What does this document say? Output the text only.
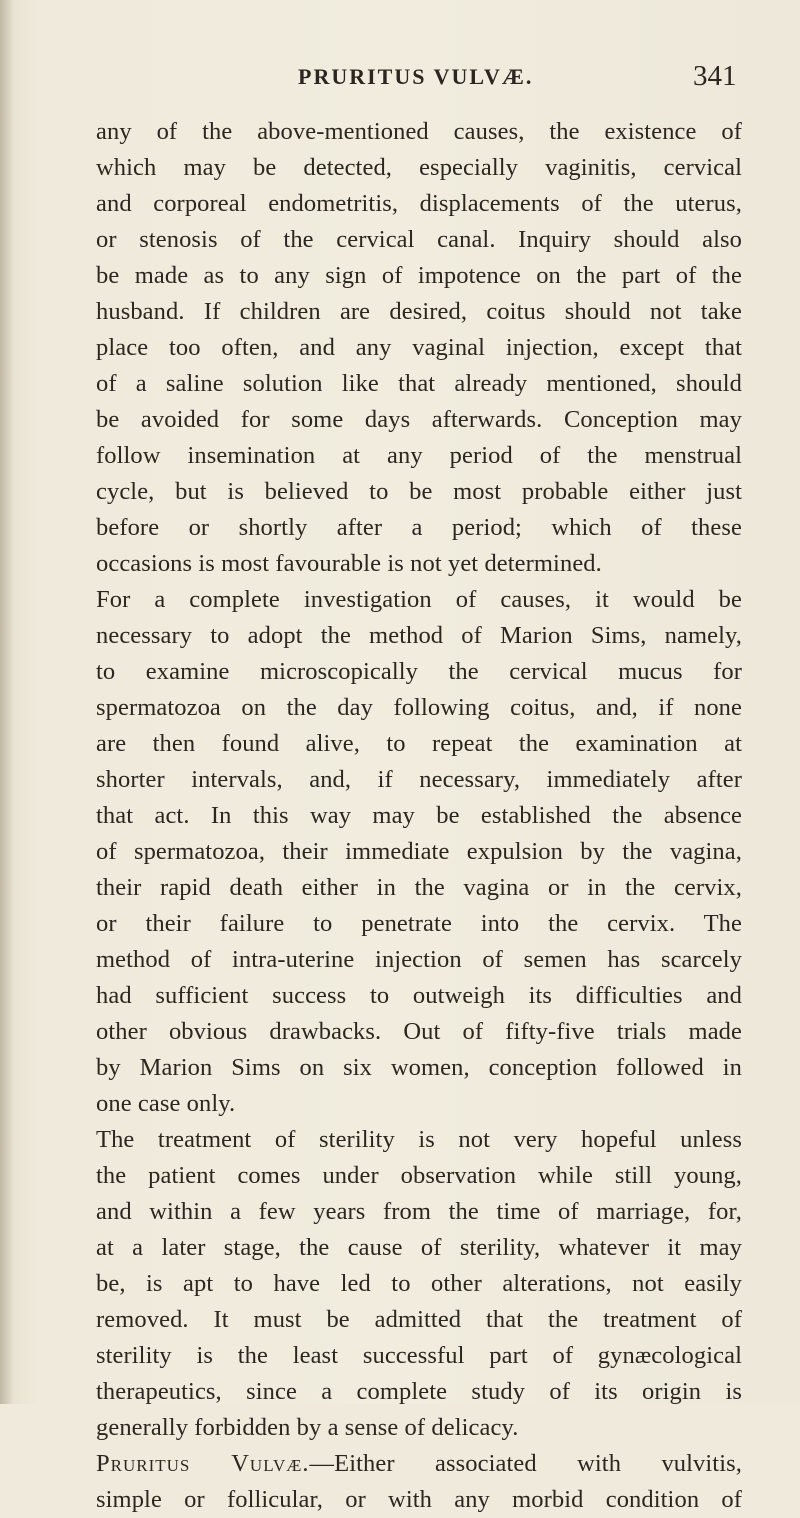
PRURITUS VULVÆ.	341
any of the above-mentioned causes, the existence of
which may be detected, especially vaginitis, cervical
and corporeal endometritis, displacements of the uterus,
or stenosis of the cervical canal. Inquiry should also
be made as to any sign of impotence on the part of the
husband. If children are desired, coitus should not take
place too often, and any vaginal injection, except that
of a saline solution like that already mentioned, should
be avoided for some days afterwards. Conception may
follow insemination at any period of the menstrual
cycle, but is believed to be most probable either just
before or shortly after a period; which of these
occasions is most favourable is not yet determined.
For a complete investigation of causes, it would be
necessary to adopt the method of Marion Sims, namely,
to examine microscopically the cervical mucus for
spermatozoa on the day following coitus, and, if none
are then found alive, to repeat the examination at
shorter intervals, and, if necessary, immediately after
that act. In this way may be established the absence
of spermatozoa, their immediate expulsion by the vagina,
their rapid death either in the vagina or in the cervix,
or their failure to penetrate into the cervix. The
method of intra-uterine injection of semen has scarcely
had sufficient success to outweigh its difficulties and
other obvious drawbacks. Out of fifty-five trials made
by Marion Sims on six women, conception followed in
one case only.
The treatment of sterility is not very hopeful unless
the patient comes under observation while still young,
and within a few years from the time of marriage, for,
at a later stage, the cause of sterility, whatever it may
be, is apt to have led to other alterations, not easily
removed. It must be admitted that the treatment of
sterility is the least successful part of gynæcological
therapeutics, since a complete study of its origin is
generally forbidden by a sense of delicacy.
Pruritus Vulvæ.—Either associated with vulvitis,
simple or follicular, or with any morbid condition of
